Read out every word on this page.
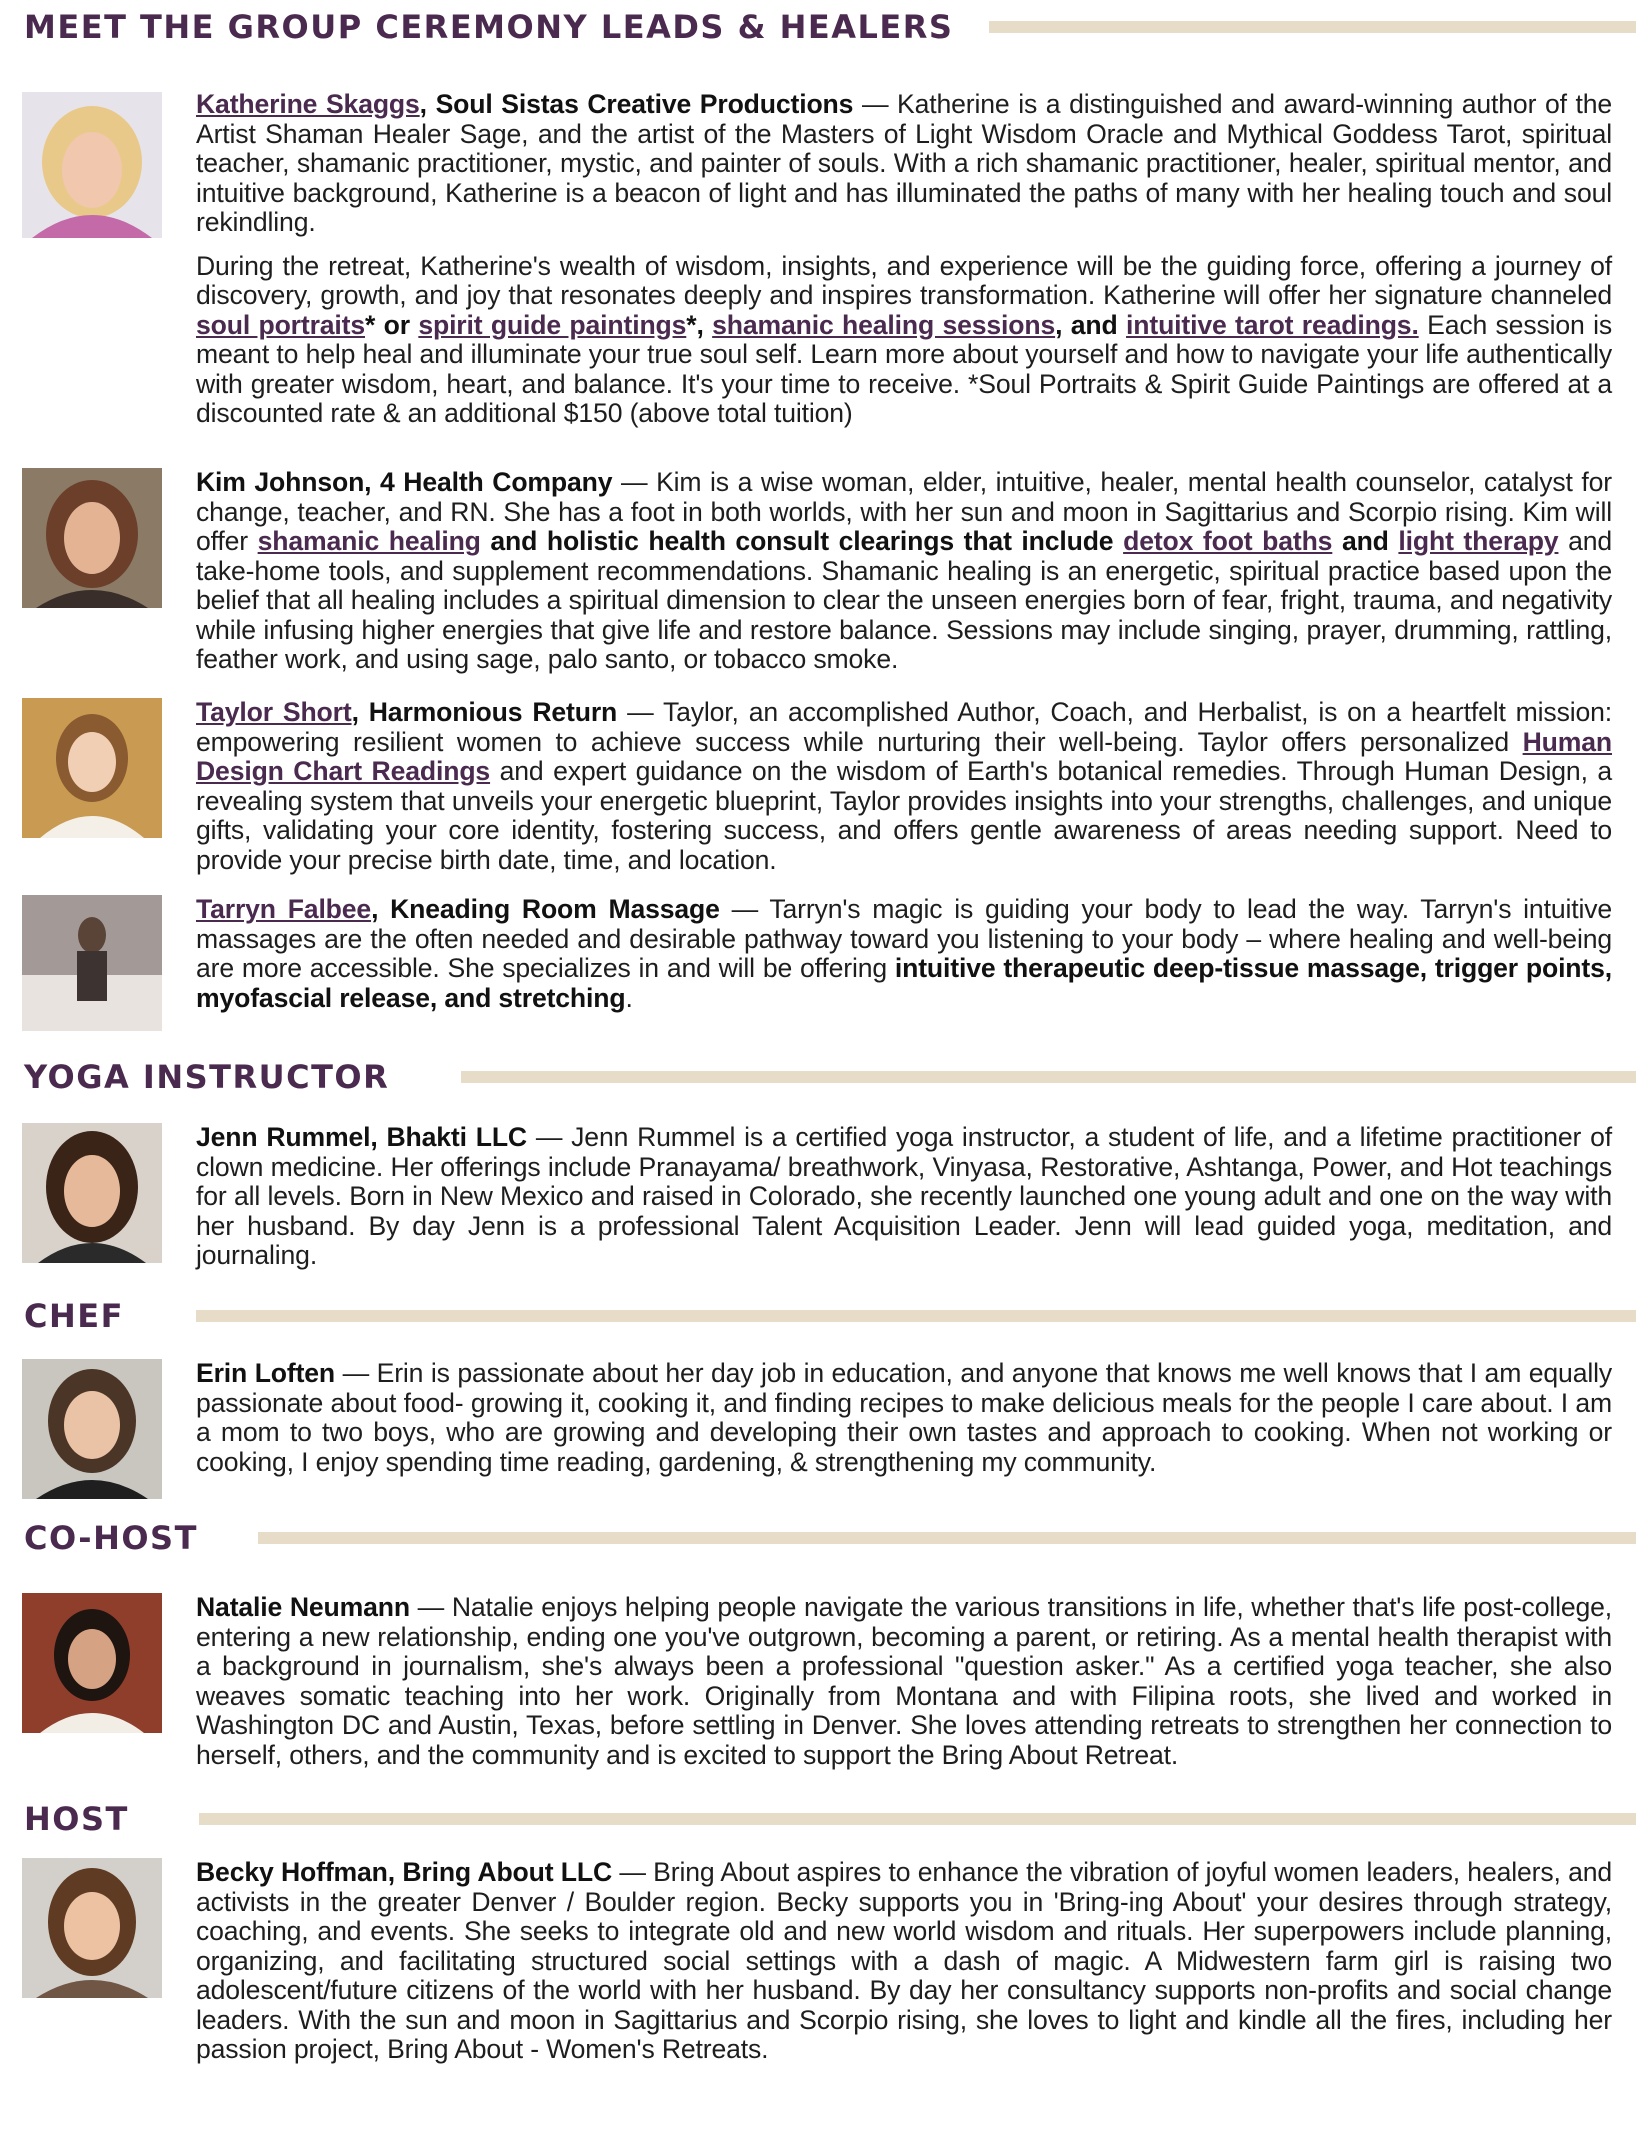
MEET THE GROUP CEREMONY LEADS & HEALERS

Katherine Skaggs, Soul Sistas Creative Productions — Katherine is a distinguished and award-winning author of the Artist Shaman Healer Sage, and the artist of the Masters of Light Wisdom Oracle and Mythical Goddess Tarot, spiritual teacher, shamanic practitioner, mystic, and painter of souls. With a rich shamanic practitioner, healer, spiritual mentor, and intuitive background, Katherine is a beacon of light and has illuminated the paths of many with her healing touch and soul rekindling.

During the retreat, Katherine's wealth of wisdom, insights, and experience will be the guiding force, offering a journey of discovery, growth, and joy that resonates deeply and inspires transformation. Katherine will offer her signature channeled soul portraits* or spirit guide paintings*, shamanic healing sessions, and intuitive tarot readings. Each session is meant to help heal and illuminate your true soul self. Learn more about yourself and how to navigate your life authentically with greater wisdom, heart, and balance. It's your time to receive. *Soul Portraits & Spirit Guide Paintings are offered at a discounted rate & an additional $150 (above total tuition)

Kim Johnson, 4 Health Company — Kim is a wise woman, elder, intuitive, healer, mental health counselor, catalyst for change, teacher, and RN. She has a foot in both worlds, with her sun and moon in Sagittarius and Scorpio rising. Kim will offer shamanic healing and holistic health consult clearings that include detox foot baths and light therapy and take-home tools, and supplement recommendations. Shamanic healing is an energetic, spiritual practice based upon the belief that all healing includes a spiritual dimension to clear the unseen energies born of fear, fright, trauma, and negativity while infusing higher energies that give life and restore balance. Sessions may include singing, prayer, drumming, rattling, feather work, and using sage, palo santo, or tobacco smoke.

Taylor Short, Harmonious Return — Taylor, an accomplished Author, Coach, and Herbalist, is on a heartfelt mission: empowering resilient women to achieve success while nurturing their well-being. Taylor offers personalized Human Design Chart Readings and expert guidance on the wisdom of Earth's botanical remedies. Through Human Design, a revealing system that unveils your energetic blueprint, Taylor provides insights into your strengths, challenges, and unique gifts, validating your core identity, fostering success, and offers gentle awareness of areas needing support. Need to provide your precise birth date, time, and location.

Tarryn Falbee, Kneading Room Massage — Tarryn's magic is guiding your body to lead the way. Tarryn's intuitive massages are the often needed and desirable pathway toward you listening to your body – where healing and well-being are more accessible. She specializes in and will be offering intuitive therapeutic deep-tissue massage, trigger points, myofascial release, and stretching.

YOGA INSTRUCTOR

Jenn Rummel, Bhakti LLC — Jenn Rummel is a certified yoga instructor, a student of life, and a lifetime practitioner of clown medicine. Her offerings include Pranayama/ breathwork, Vinyasa, Restorative, Ashtanga, Power, and Hot teachings for all levels. Born in New Mexico and raised in Colorado, she recently launched one young adult and one on the way with her husband. By day Jenn is a professional Talent Acquisition Leader. Jenn will lead guided yoga, meditation, and journaling.

CHEF

Erin Loften — Erin is passionate about her day job in education, and anyone that knows me well knows that I am equally passionate about food- growing it, cooking it, and finding recipes to make delicious meals for the people I care about. I am a mom to two boys, who are growing and developing their own tastes and approach to cooking. When not working or cooking, I enjoy spending time reading, gardening, & strengthening my community.

CO-HOST

Natalie Neumann — Natalie enjoys helping people navigate the various transitions in life, whether that's life post-college, entering a new relationship, ending one you've outgrown, becoming a parent, or retiring. As a mental health therapist with a background in journalism, she's always been a professional "question asker." As a certified yoga teacher, she also weaves somatic teaching into her work. Originally from Montana and with Filipina roots, she lived and worked in Washington DC and Austin, Texas, before settling in Denver. She loves attending retreats to strengthen her connection to herself, others, and the community and is excited to support the Bring About Retreat.

HOST

Becky Hoffman, Bring About LLC — Bring About aspires to enhance the vibration of joyful women leaders, healers, and activists in the greater Denver / Boulder region. Becky supports you in 'Bring-ing About' your desires through strategy, coaching, and events. She seeks to integrate old and new world wisdom and rituals. Her superpowers include planning, organizing, and facilitating structured social settings with a dash of magic. A Midwestern farm girl is raising two adolescent/future citizens of the world with her husband. By day her consultancy supports non-profits and social change leaders. With the sun and moon in Sagittarius and Scorpio rising, she loves to light and kindle all the fires, including her passion project, Bring About - Women's Retreats.
